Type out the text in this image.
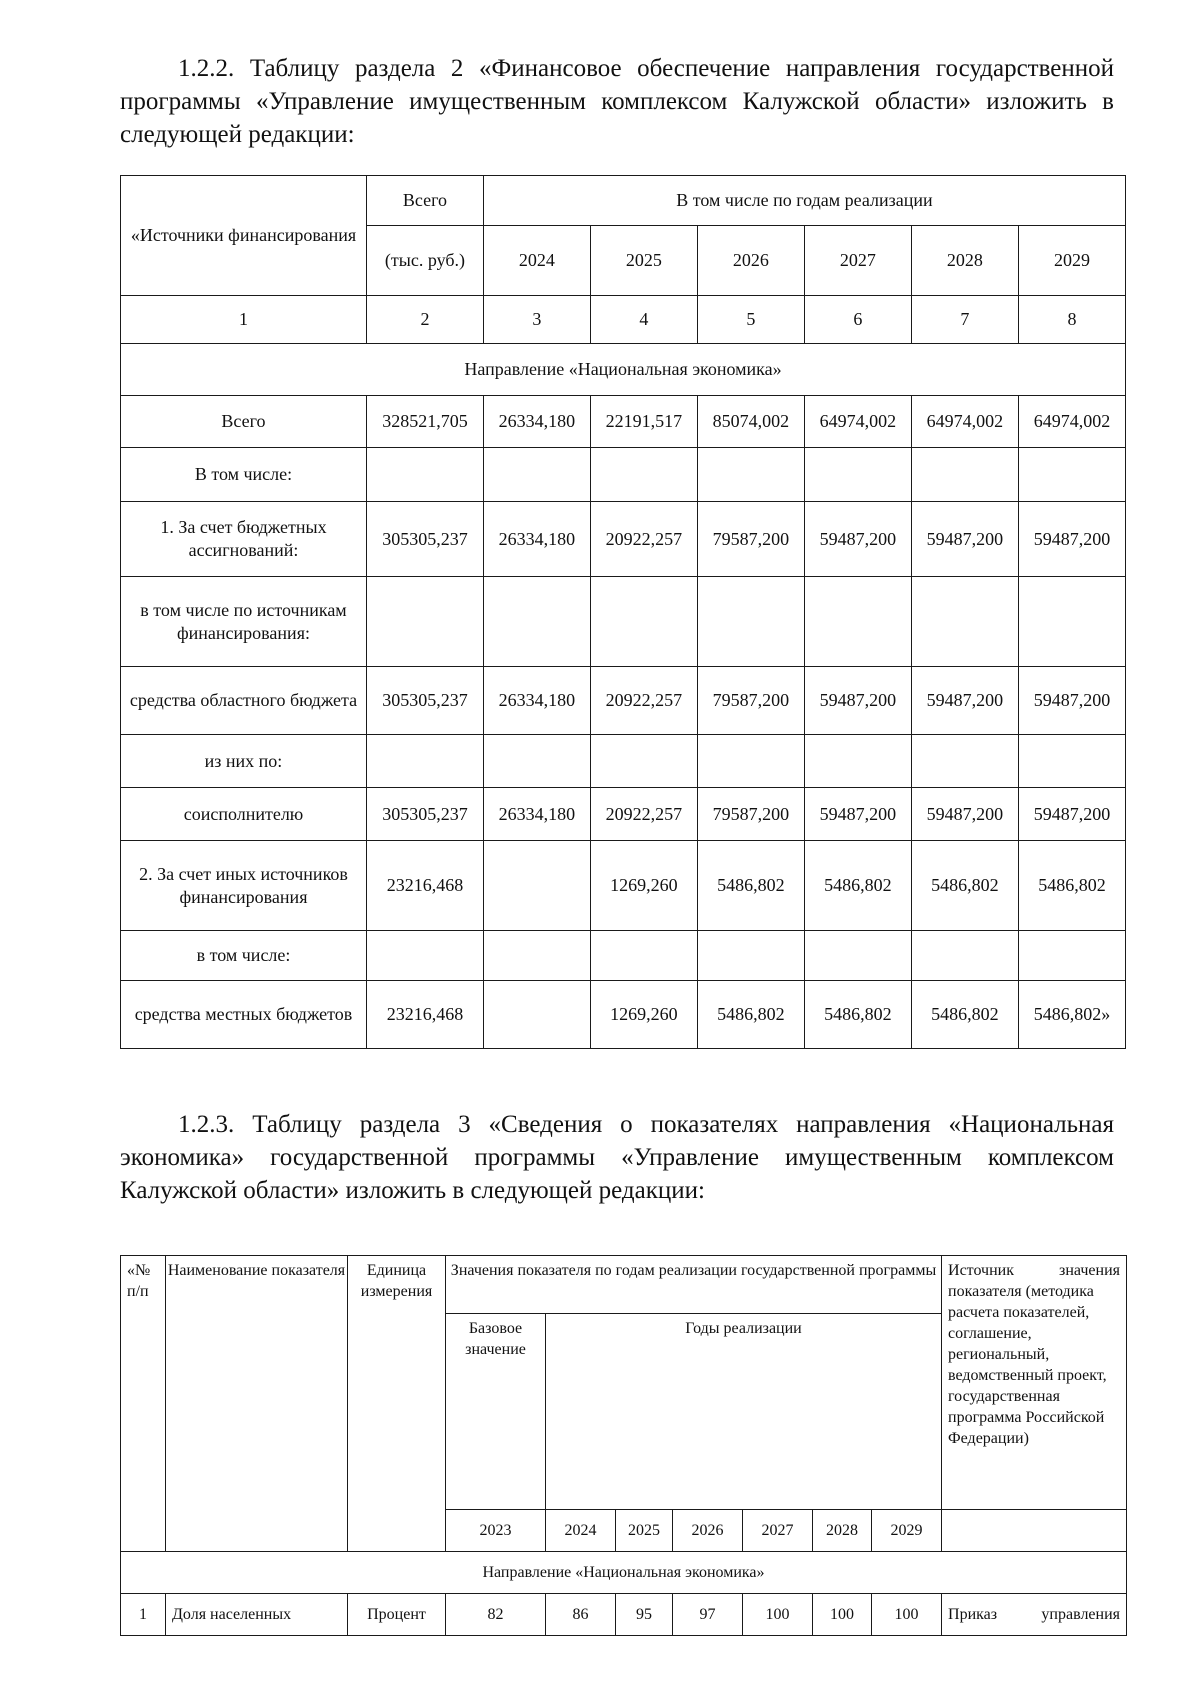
1.2.2. Таблицу раздела 2 «Финансовое обеспечение направления государственной программы «Управление имущественным комплексом Калужской области» изложить в следующей редакции:

«Источники финансирования	Всего	В том числе по годам реализации					
	(тыс. руб.)	2024	2025	2026	2027	2028	2029
1	2	3	4	5	6	7	8
Направление «Национальная экономика»							
Всего	328521,705	26334,180	22191,517	85074,002	64974,002	64974,002	64974,002
В том числе:							
1. За счет бюджетных ассигнований:	305305,237	26334,180	20922,257	79587,200	59487,200	59487,200	59487,200
в том числе по источникам финансирования:							
средства областного бюджета	305305,237	26334,180	20922,257	79587,200	59487,200	59487,200	59487,200
из них по:							
соисполнителю	305305,237	26334,180	20922,257	79587,200	59487,200	59487,200	59487,200
2. За счет иных источников финансирования	23216,468		1269,260	5486,802	5486,802	5486,802	5486,802
в том числе:							
средства местных бюджетов	23216,468		1269,260	5486,802	5486,802	5486,802	5486,802»

1.2.3. Таблицу раздела 3 «Сведения о показателях направления «Национальная экономика» государственной программы «Управление имущественным комплексом Калужской области» изложить в следующей редакции:

«№ п/п	Наименование показателя	Единица измерения	Значения показателя по годам реализации государственной программы							Источник значения
показателя (методика расчета показателей, соглашение, региональный, ведомственный проект, государственная программа Российской Федерации)
			Базовое значение	Годы реализации						
			2023	2024	2025	2026	2027	2028	2029	
Направление «Национальная экономика»										
1	Доля населенных	Процент	82	86	95	97	100	100	100	Приказ управления
